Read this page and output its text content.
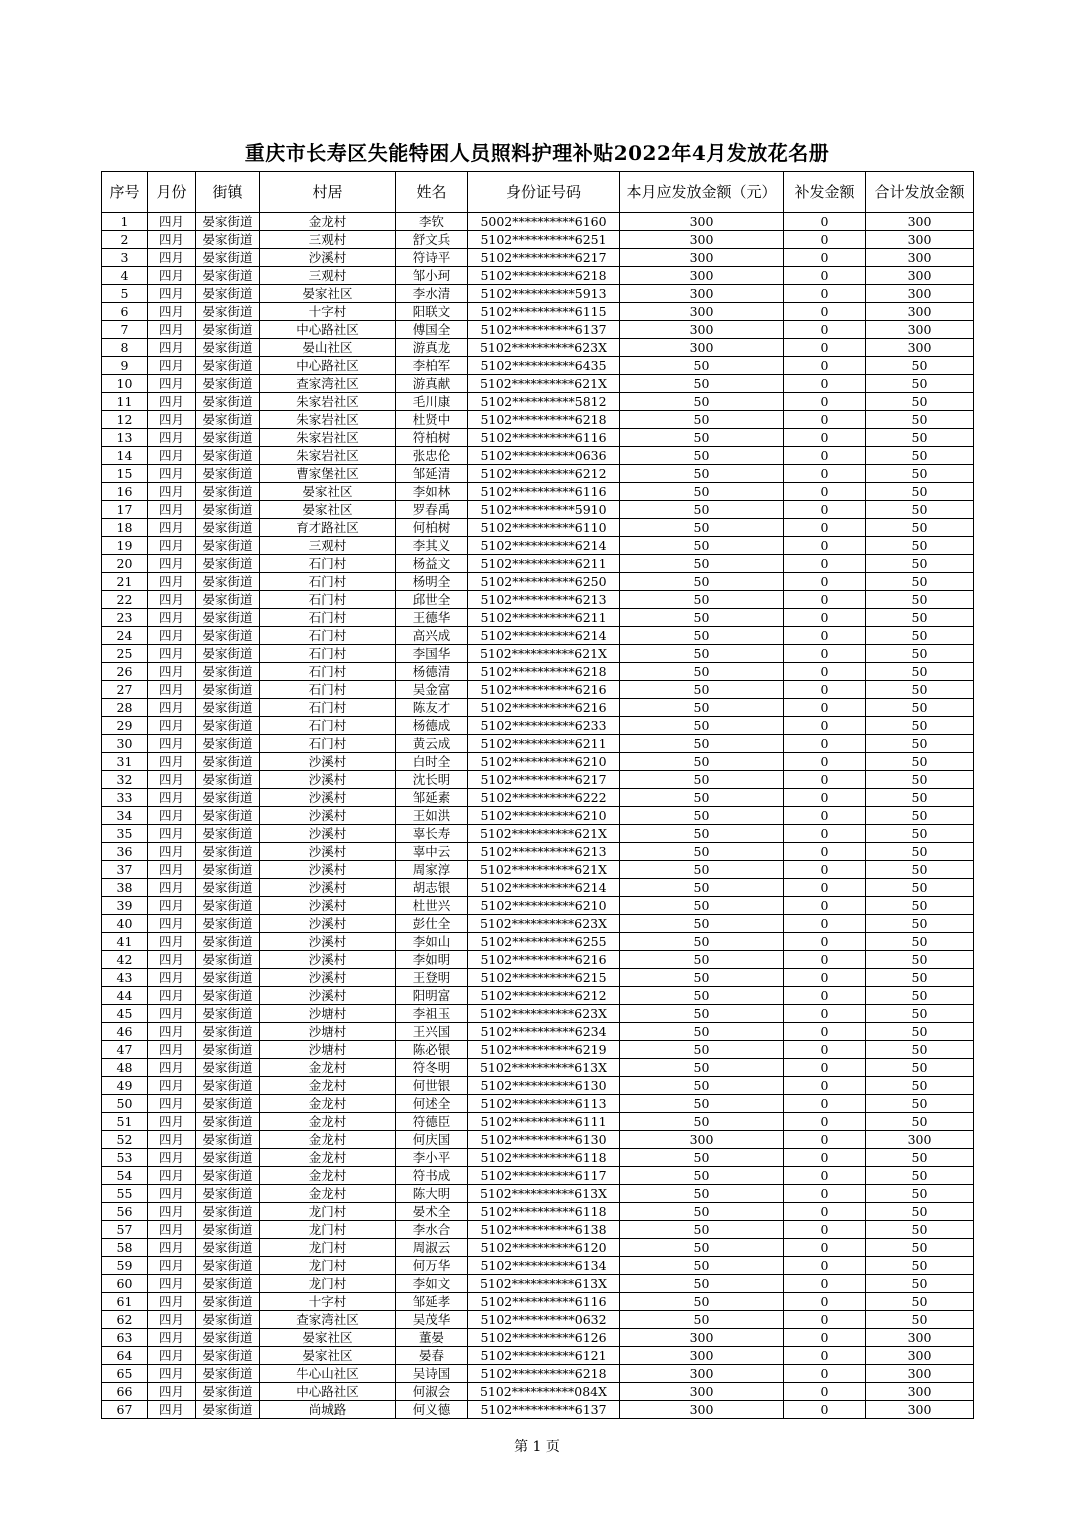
重庆市长寿区失能特困人员照料护理补贴2022年4月发放花名册
序号	月份	街镇	村居	姓名	身份证号码	本月应发放金额（元）	补发金额	合计发放金额
1	四月	晏家街道	金龙村	李钦	5002**********6160	300	0	300
2	四月	晏家街道	三观村	舒文兵	5102**********6251	300	0	300
3	四月	晏家街道	沙溪村	符诗平	5102**********6217	300	0	300
4	四月	晏家街道	三观村	邹小珂	5102**********6218	300	0	300
5	四月	晏家街道	晏家社区	李水清	5102**********5913	300	0	300
6	四月	晏家街道	十字村	阳联文	5102**********6115	300	0	300
7	四月	晏家街道	中心路社区	傅国全	5102**********6137	300	0	300
8	四月	晏家街道	晏山社区	游真龙	5102**********623X	300	0	300
9	四月	晏家街道	中心路社区	李柏军	5102**********6435	50	0	50
10	四月	晏家街道	查家湾社区	游真献	5102**********621X	50	0	50
11	四月	晏家街道	朱家岩社区	毛川康	5102**********5812	50	0	50
12	四月	晏家街道	朱家岩社区	杜贤中	5102**********6218	50	0	50
13	四月	晏家街道	朱家岩社区	符柏树	5102**********6116	50	0	50
14	四月	晏家街道	朱家岩社区	张忠伦	5102**********0636	50	0	50
15	四月	晏家街道	曹家堡社区	邹延清	5102**********6212	50	0	50
16	四月	晏家街道	晏家社区	李如林	5102**********6116	50	0	50
17	四月	晏家街道	晏家社区	罗春禹	5102**********5910	50	0	50
18	四月	晏家街道	育才路社区	何柏树	5102**********6110	50	0	50
19	四月	晏家街道	三观村	李其义	5102**********6214	50	0	50
20	四月	晏家街道	石门村	杨益文	5102**********6211	50	0	50
21	四月	晏家街道	石门村	杨明全	5102**********6250	50	0	50
22	四月	晏家街道	石门村	邱世全	5102**********6213	50	0	50
23	四月	晏家街道	石门村	王德华	5102**********6211	50	0	50
24	四月	晏家街道	石门村	高兴成	5102**********6214	50	0	50
25	四月	晏家街道	石门村	李国华	5102**********621X	50	0	50
26	四月	晏家街道	石门村	杨德清	5102**********6218	50	0	50
27	四月	晏家街道	石门村	吴金富	5102**********6216	50	0	50
28	四月	晏家街道	石门村	陈友才	5102**********6216	50	0	50
29	四月	晏家街道	石门村	杨德成	5102**********6233	50	0	50
30	四月	晏家街道	石门村	黄云成	5102**********6211	50	0	50
31	四月	晏家街道	沙溪村	白时全	5102**********6210	50	0	50
32	四月	晏家街道	沙溪村	沈长明	5102**********6217	50	0	50
33	四月	晏家街道	沙溪村	邹延素	5102**********6222	50	0	50
34	四月	晏家街道	沙溪村	王如洪	5102**********6210	50	0	50
35	四月	晏家街道	沙溪村	辜长寿	5102**********621X	50	0	50
36	四月	晏家街道	沙溪村	辜中云	5102**********6213	50	0	50
37	四月	晏家街道	沙溪村	周家淳	5102**********621X	50	0	50
38	四月	晏家街道	沙溪村	胡志银	5102**********6214	50	0	50
39	四月	晏家街道	沙溪村	杜世兴	5102**********6210	50	0	50
40	四月	晏家街道	沙溪村	彭仕全	5102**********623X	50	0	50
41	四月	晏家街道	沙溪村	李如山	5102**********6255	50	0	50
42	四月	晏家街道	沙溪村	李如明	5102**********6216	50	0	50
43	四月	晏家街道	沙溪村	王登明	5102**********6215	50	0	50
44	四月	晏家街道	沙溪村	阳明富	5102**********6212	50	0	50
45	四月	晏家街道	沙塘村	李祖玉	5102**********623X	50	0	50
46	四月	晏家街道	沙塘村	王兴国	5102**********6234	50	0	50
47	四月	晏家街道	沙塘村	陈必银	5102**********6219	50	0	50
48	四月	晏家街道	金龙村	符冬明	5102**********613X	50	0	50
49	四月	晏家街道	金龙村	何世银	5102**********6130	50	0	50
50	四月	晏家街道	金龙村	何述全	5102**********6113	50	0	50
51	四月	晏家街道	金龙村	符德臣	5102**********6111	50	0	50
52	四月	晏家街道	金龙村	何庆国	5102**********6130	300	0	300
53	四月	晏家街道	金龙村	李小平	5102**********6118	50	0	50
54	四月	晏家街道	金龙村	符书成	5102**********6117	50	0	50
55	四月	晏家街道	金龙村	陈大明	5102**********613X	50	0	50
56	四月	晏家街道	龙门村	晏术全	5102**********6118	50	0	50
57	四月	晏家街道	龙门村	李水合	5102**********6138	50	0	50
58	四月	晏家街道	龙门村	周淑云	5102**********6120	50	0	50
59	四月	晏家街道	龙门村	何万华	5102**********6134	50	0	50
60	四月	晏家街道	龙门村	李如文	5102**********613X	50	0	50
61	四月	晏家街道	十字村	邹延孝	5102**********6116	50	0	50
62	四月	晏家街道	查家湾社区	吴茂华	5102**********0632	50	0	50
63	四月	晏家街道	晏家社区	董晏	5102**********6126	300	0	300
64	四月	晏家街道	晏家社区	晏春	5102**********6121	300	0	300
65	四月	晏家街道	牛心山社区	吴诗国	5102**********6218	300	0	300
66	四月	晏家街道	中心路社区	何淑会	5102**********084X	300	0	300
67	四月	晏家街道	尚城路	何义德	5102**********6137	300	0	300
第 1 页
